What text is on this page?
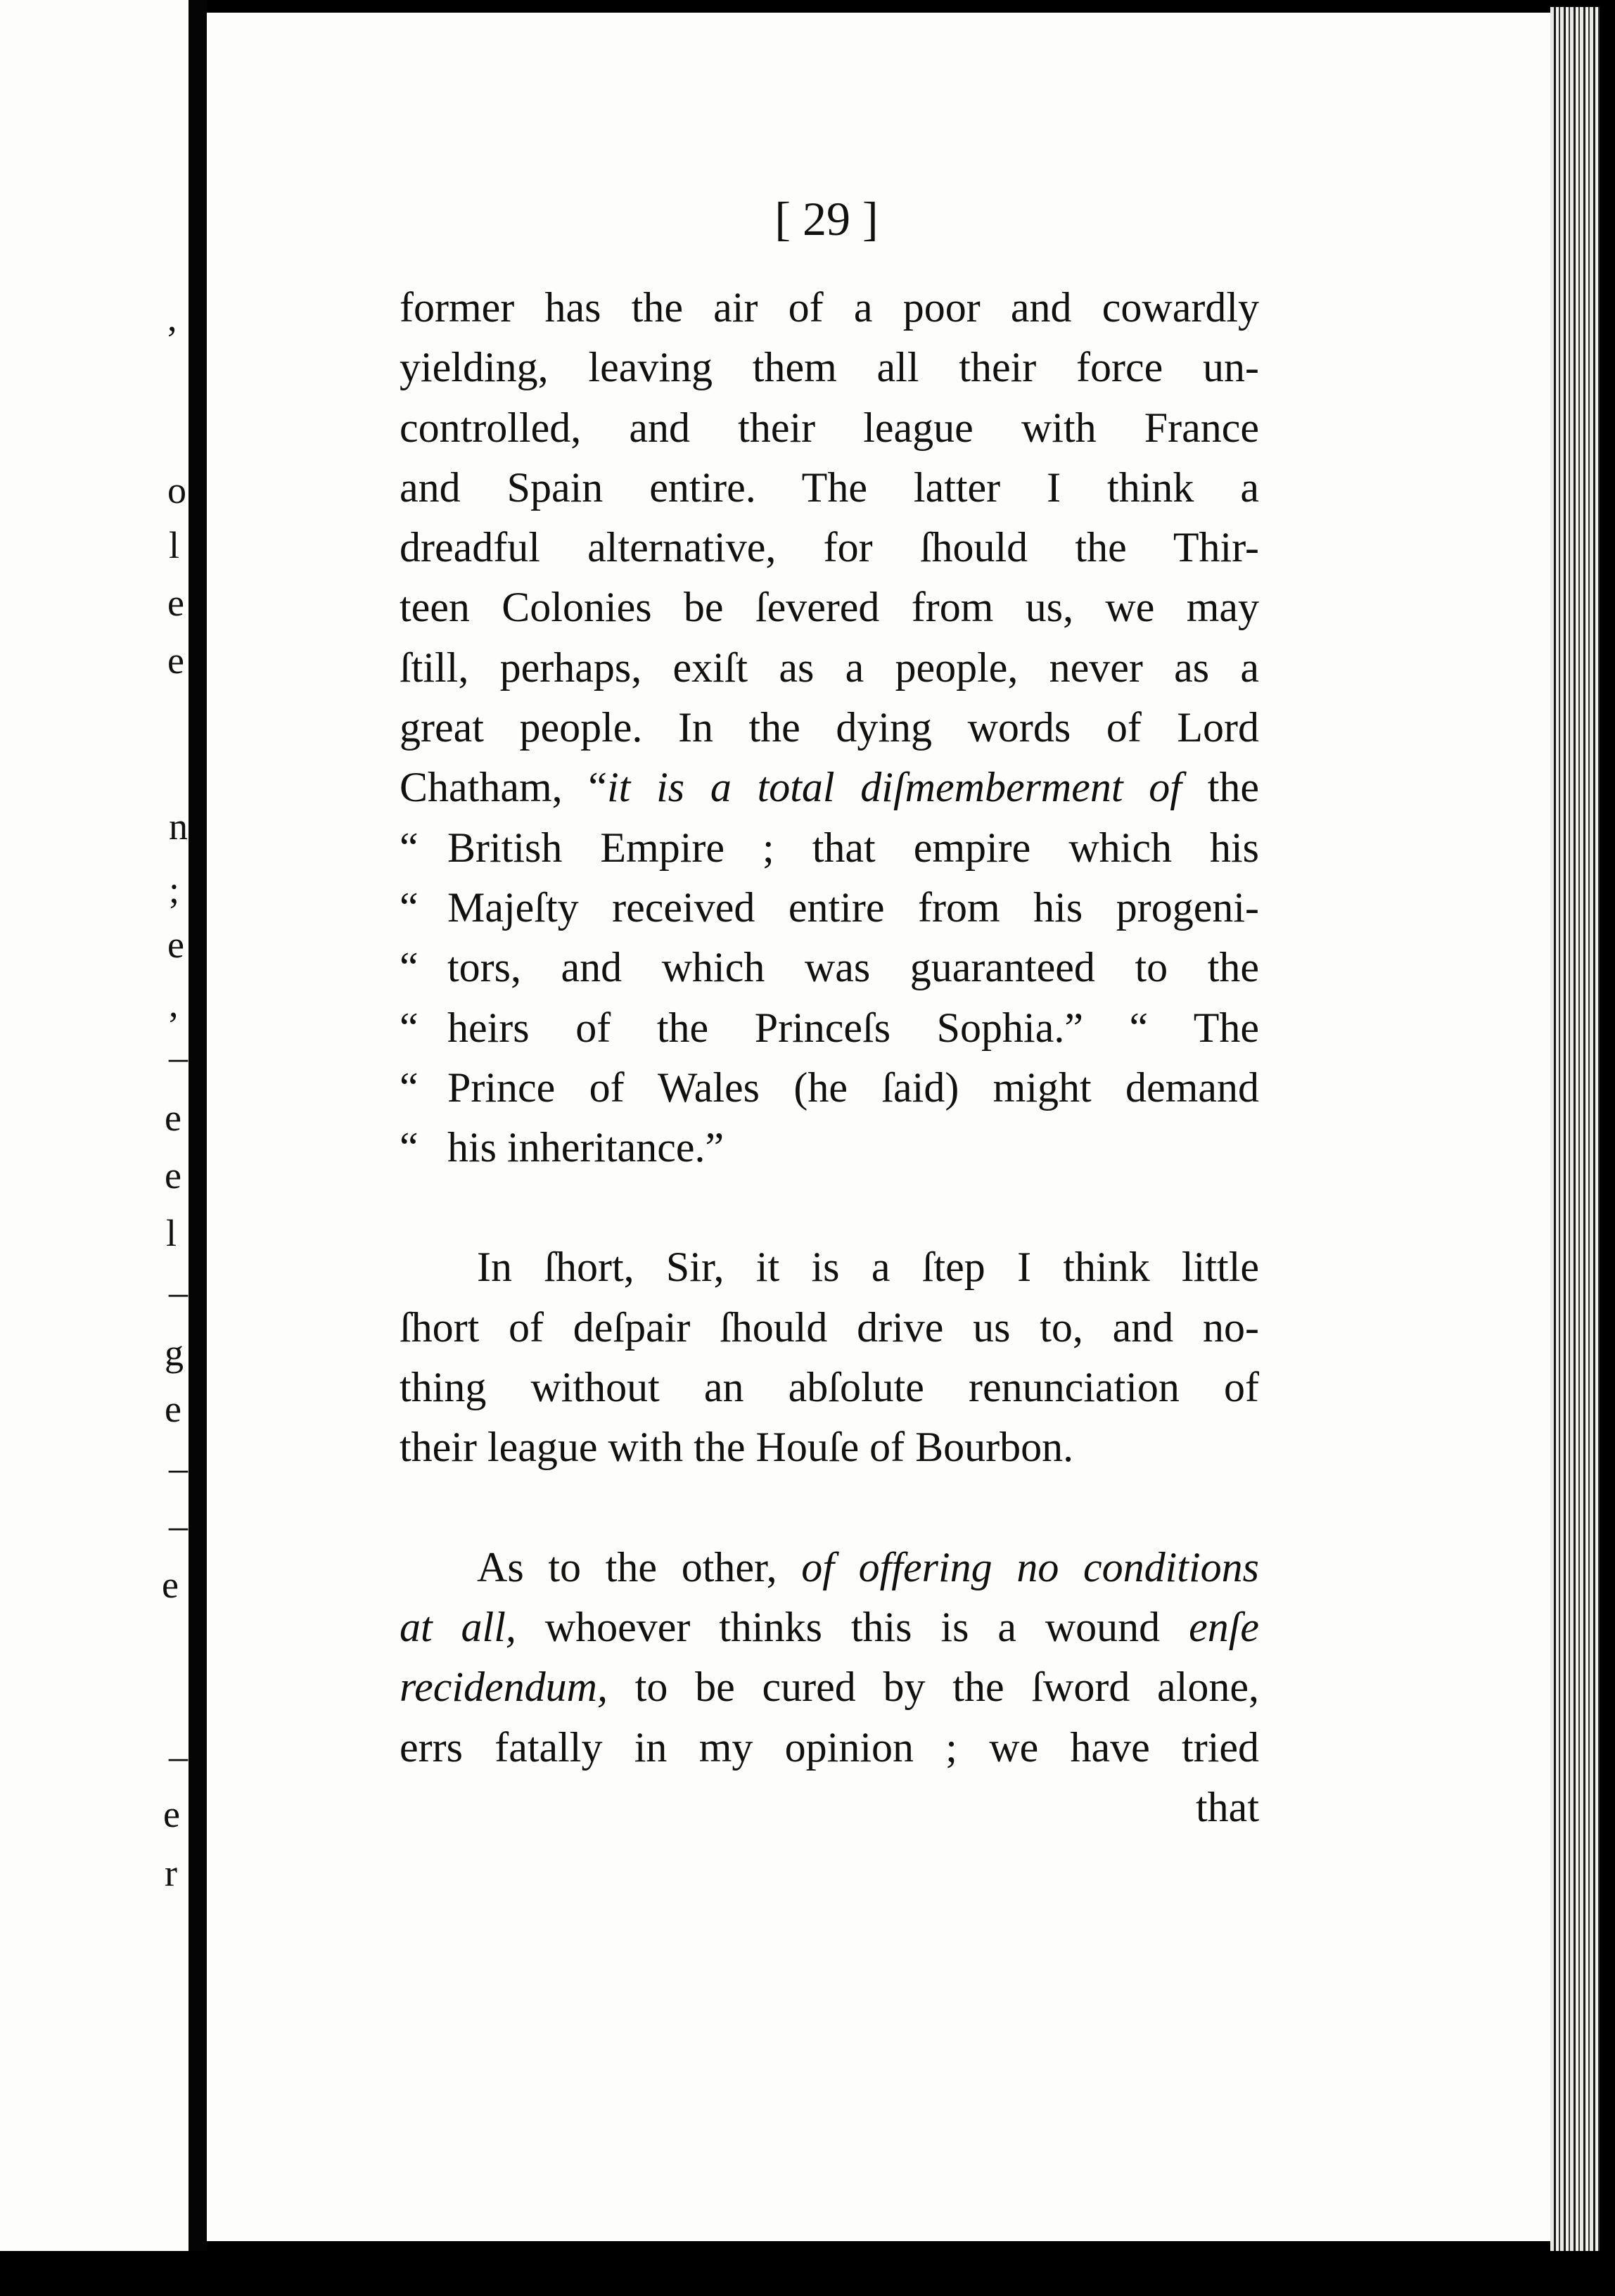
,
o
l
e
e
n
;
e
,
–
e
e
l
–
g
e
–
–
e
–
e
r
[ 29 ]
former has the air of a poor and cowardly
yielding, leaving them all their force un-
controlled, and their league with France
and Spain entire. The latter I think a
dreadful alternative, for ſhould the Thir-
teen Colonies be ſevered from us, we may
ſtill, perhaps, exiſt as a people, never as a
great people. In the dying words of Lord
Chatham, “it is a total diſmemberment of the
“ British Empire ; that empire which his
“ Majeſty received entire from his progeni-
“ tors, and which was guaranteed to the
“ heirs of the Princeſs Sophia.” “ The
“ Prince of Wales (he ſaid) might demand
“ his inheritance.”
In ſhort, Sir, it is a ſtep I think little
ſhort of deſpair ſhould drive us to, and no-
thing without an abſolute renunciation of
their league with the Houſe of Bourbon.
As to the other, of offering no conditions
at all, whoever thinks this is a wound enſe
recidendum, to be cured by the ſword alone,
errs fatally in my opinion ; we have tried
that
